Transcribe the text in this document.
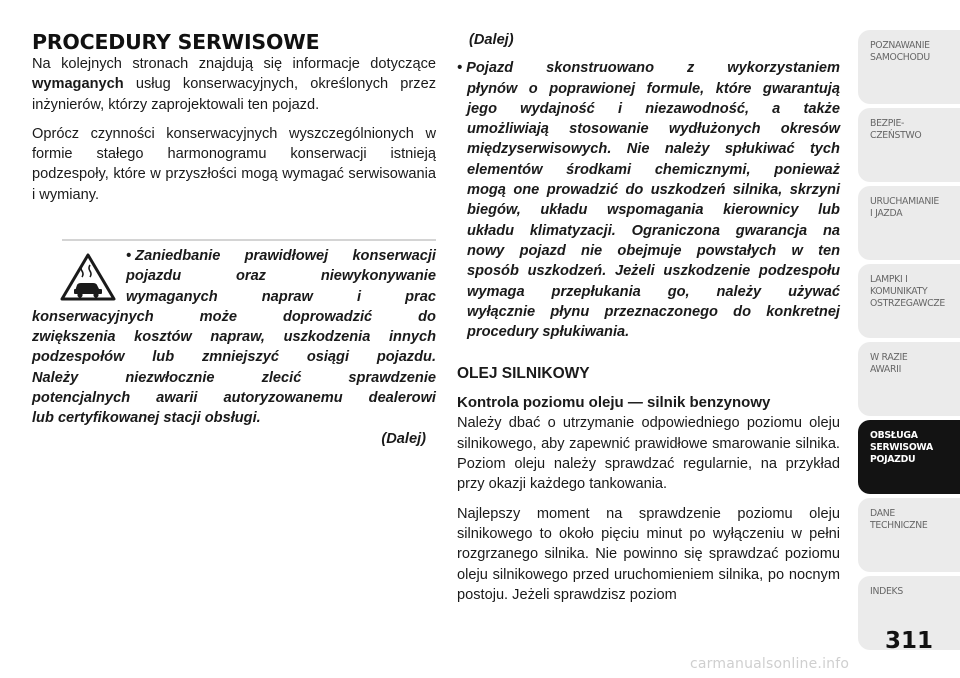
PROCEDURY SERWISOWE

Na kolejnych stronach znajdują się informacje dotyczące wymaganych usług konserwacyjnych, określonych przez inżynierów, którzy zaprojektowali ten pojazd.

Oprócz czynności konserwacyjnych wyszczególnionych w formie stałego harmonogramu konserwacji istnieją podzespoły, które w przyszłości mogą wymagać serwisowania i wymiany.

• Zaniedbanie prawidłowej konserwacji
pojazdu	oraz	niewykonywanie
wymaganych	napraw	i	prac
konserwacyjnych	może	doprowadzić	do
zwiększenia kosztów napraw, uszkodzenia innych
podzespołów lub zmniejszyć osiągi pojazdu.
Należy	niezwłocznie	zlecić	sprawdzenie
potencjalnych awarii autoryzowanemu dealerowi
lub certyfikowanej stacji obsługi.
(Dalej)
(Dalej)
• Pojazd skonstruowano z wykorzystaniem
płynów o poprawionej formule, które gwarantują
jego wydajność i niezawodność, a także
umożliwiają stosowanie wydłużonych okresów
międzyserwisowych. Nie należy spłukiwać tych
elementów środkami chemicznymi, ponieważ
mogą one prowadzić do uszkodzeń silnika, skrzyni
biegów, układu wspomagania kierownicy lub
układu klimatyzacji. Ograniczona gwarancja na
nowy pojazd nie obejmuje powstałych w ten
sposób uszkodzeń. Jeżeli uszkodzenie podzespołu
wymaga przepłukania go, należy używać
wyłącznie płynu przeznaczonego do konkretnej
procedury spłukiwania.
OLEJ SILNIKOWY
Kontrola poziomu oleju — silnik benzynowy

Należy dbać o utrzymanie odpowiedniego poziomu oleju silnikowego, aby zapewnić prawidłowe smarowanie silnika. Poziom oleju należy sprawdzać regularnie, na przykład przy okazji każdego tankowania.

Najlepszy moment na sprawdzenie poziomu oleju silnikowego to około pięciu minut po wyłączeniu w pełni rozgrzanego silnika. Nie powinno się sprawdzać poziomu oleju silnikowego przed uruchomieniem silnika, po nocnym postoju. Jeżeli sprawdzisz poziom

POZNAWANIE
SAMOCHODU
BEZPIE-
CZEŃSTWO
URUCHAMIANIE
I JAZDA
LAMPKI I
KOMUNIKATY
OSTRZEGAWCZE
W RAZIE
AWARII
OBSŁUGA
SERWISOWA
POJAZDU
DANE
TECHNICZNE
INDEKS
311
carmanualsonline.info
